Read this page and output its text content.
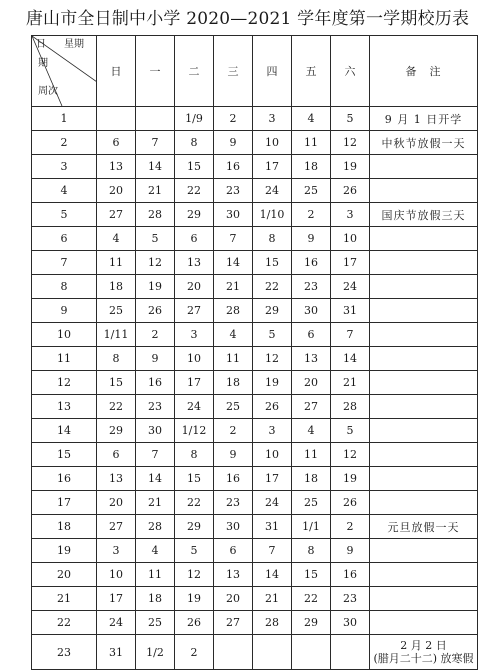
唐山市全日制中小学 2020—2021 学年度第一学期校历表
日 星期
期
周次	日	一	二	三	四	五	六	备　注
1			1/9	2	3	4	5	9 月 1 日开学
2	6	7	8	9	10	11	12	中秋节放假一天
3	13	14	15	16	17	18	19	
4	20	21	22	23	24	25	26	
5	27	28	29	30	1/10	2	3	国庆节放假三天
6	4	5	6	7	8	9	10	
7	11	12	13	14	15	16	17	
8	18	19	20	21	22	23	24	
9	25	26	27	28	29	30	31	
10	1/11	2	3	4	5	6	7	
11	8	9	10	11	12	13	14	
12	15	16	17	18	19	20	21	
13	22	23	24	25	26	27	28	
14	29	30	1/12	2	3	4	5	
15	6	7	8	9	10	11	12	
16	13	14	15	16	17	18	19	
17	20	21	22	23	24	25	26	
18	27	28	29	30	31	1/1	2	元旦放假一天
19	3	4	5	6	7	8	9	
20	10	11	12	13	14	15	16	
21	17	18	19	20	21	22	23	
22	24	25	26	27	28	29	30	
23	31	1/2	2					2 月 2 日
(腊月二十二) 放寒假
